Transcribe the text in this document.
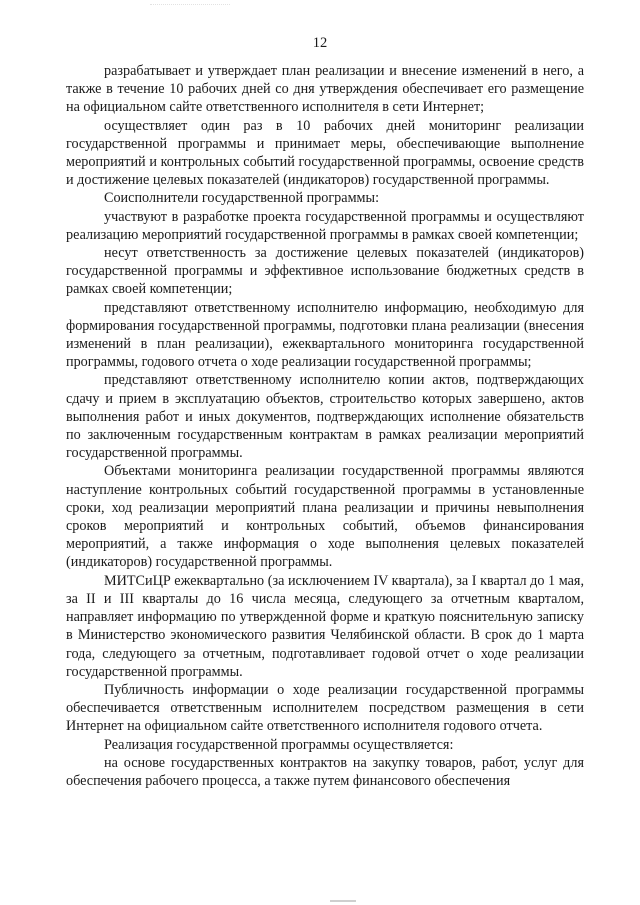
12

разрабатывает и утверждает план реализации и внесение изменений в него, а также в течение 10 рабочих дней со дня утверждения обеспечивает его размещение на официальном сайте ответственного исполнителя в сети Интернет;

осуществляет один раз в 10 рабочих дней мониторинг реализации государственной программы и принимает меры, обеспечивающие выполнение мероприятий и контрольных событий государственной программы, освоение средств и достижение целевых показателей (индикаторов) государственной программы.

Соисполнители государственной программы:

участвуют в разработке проекта государственной программы и осуществляют реализацию мероприятий государственной программы в рамках своей компетенции;

несут ответственность за достижение целевых показателей (индикаторов) государственной программы и эффективное использование бюджетных средств в рамках своей компетенции;

представляют ответственному исполнителю информацию, необходимую для формирования государственной программы, подготовки плана реализации (внесения изменений в план реализации), ежеквартального мониторинга государственной программы, годового отчета о ходе реализации государственной программы;

представляют ответственному исполнителю копии актов, подтверждающих сдачу и прием в эксплуатацию объектов, строительство которых завершено, актов выполнения работ и иных документов, подтверждающих исполнение обязательств по заключенным государственным контрактам в рамках реализации мероприятий государственной программы.

Объектами мониторинга реализации государственной программы являются наступление контрольных событий государственной программы в установленные сроки, ход реализации мероприятий плана реализации и причины невыполнения сроков мероприятий и контрольных событий, объемов финансирования мероприятий, а также информация о ходе выполнения целевых показателей (индикаторов) государственной программы.

МИТСиЦР ежеквартально (за исключением IV квартала), за I квартал до 1 мая, за II и III кварталы до 16 числа месяца, следующего за отчетным кварталом, направляет информацию по утвержденной форме и краткую пояснительную записку в Министерство экономического развития Челябинской области. В срок до 1 марта года, следующего за отчетным, подготавливает годовой отчет о ходе реализации государственной программы.

Публичность информации о ходе реализации государственной программы обеспечивается ответственным исполнителем посредством размещения в сети Интернет на официальном сайте ответственного исполнителя годового отчета.

Реализация государственной программы осуществляется:

на основе государственных контрактов на закупку товаров, работ, услуг для обеспечения рабочего процесса, а также путем финансового обеспечения
